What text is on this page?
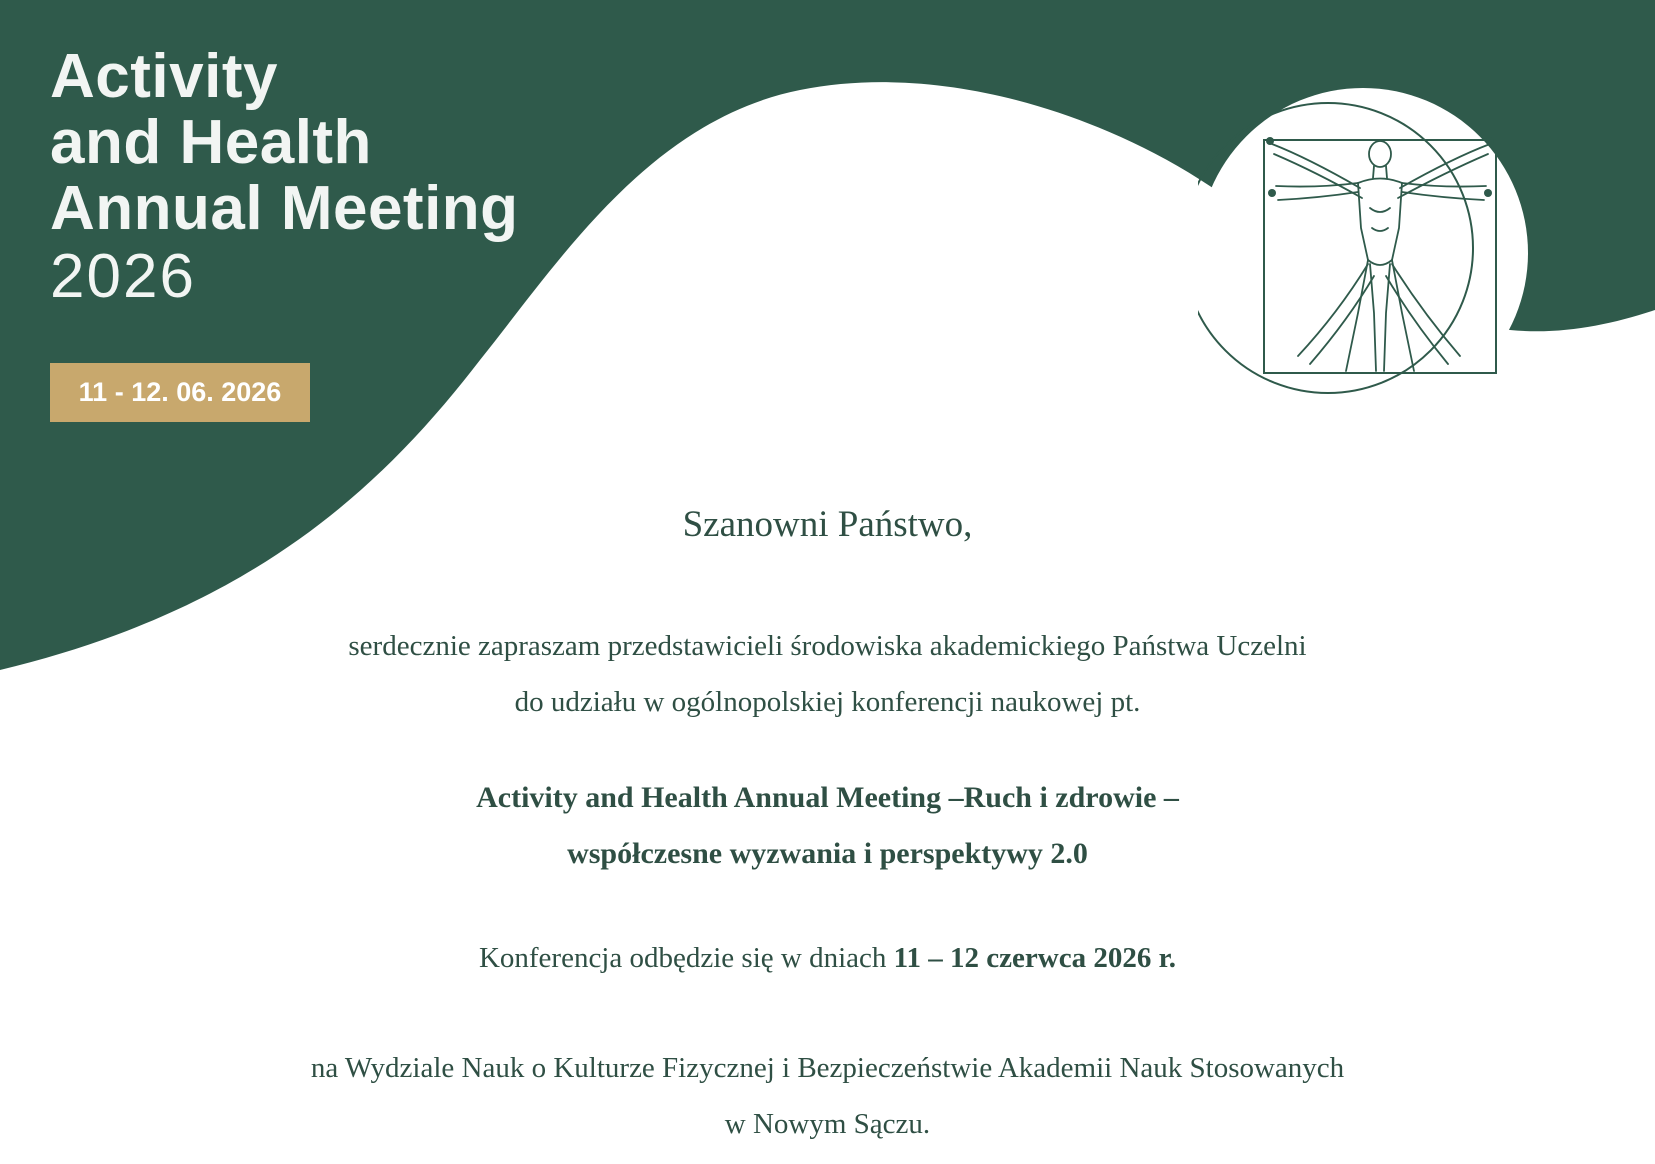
Activity
and Health
Annual Meeting
2026
11 - 12. 06. 2026
Szanowni Państwo,
serdecznie zapraszam przedstawicieli środowiska akademickiego Państwa Uczelni
do udziału w ogólnopolskiej konferencji naukowej pt.
Activity and Health Annual Meeting –Ruch i zdrowie –
współczesne wyzwania i perspektywy 2.0
Konferencja odbędzie się w dniach 11 – 12 czerwca 2026 r.
na Wydziale Nauk o Kulturze Fizycznej i Bezpieczeństwie Akademii Nauk Stosowanych
w Nowym Sączu.
